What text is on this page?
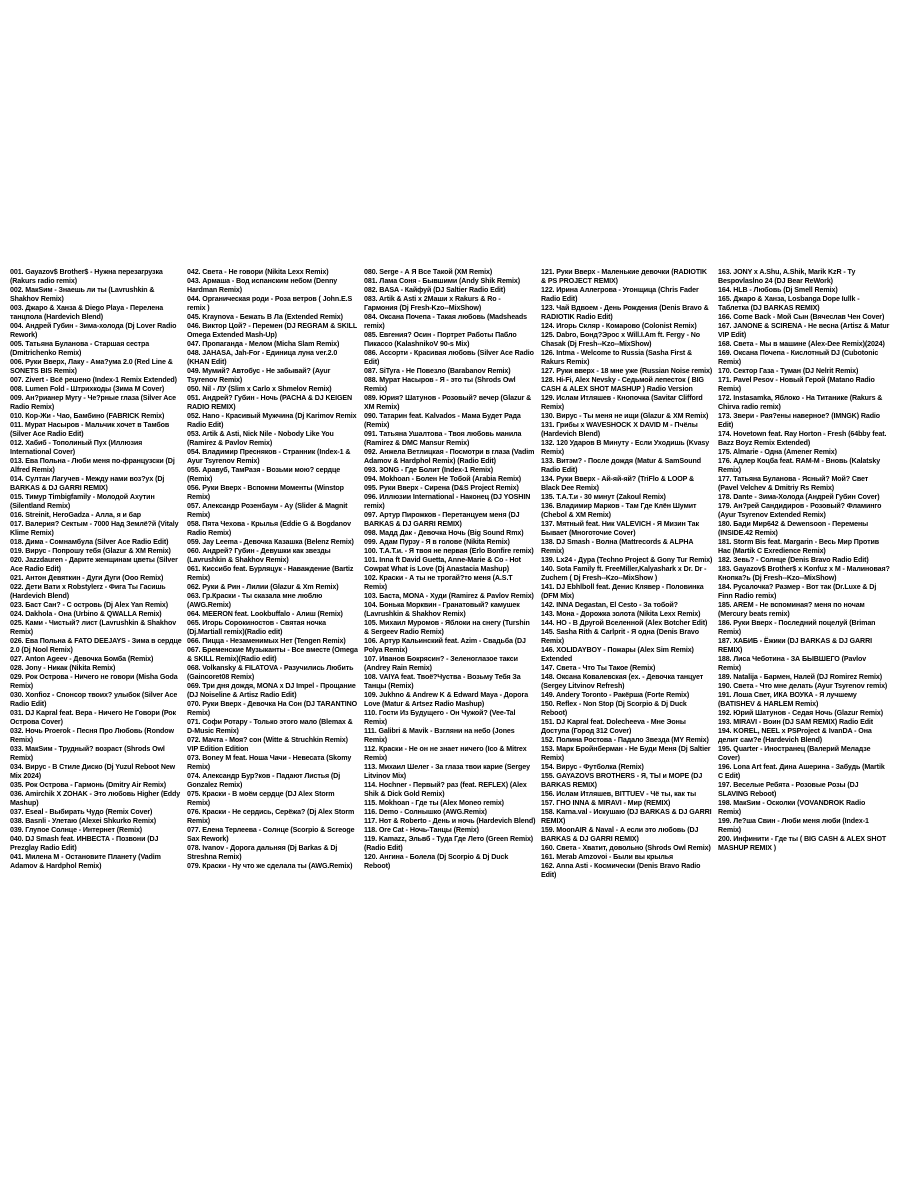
001. Gayazov$ Brother$ - Нужна перезагрузка (Rakurs radio remix)

002. МакSим - Знаешь ли ты (Lavrushkin & Shakhov Remix)

003. Джаро & Ханза & Diego Playa - Перелена танцпола (Hardevich Blend)

004. Андрей Губин - Зима-холода (Dj Lover Radio Rework)

005. Татьяна Буланова - Старшая сестра (Dmitrichenko Remix)

006. Руки Вверх, Лаку - Ама?ума 2.0 (Red Line & SONETS BIS Remix)

007. Zivert - Всё решено (Index-1 Remix Extended)

008. Lumen Fold - Штрихкоды (Зима M Cover)

009. Ан?рианер Мугу - Че?рные глаза (Silver Ace Radio Remix)

010. Кор-Жи - Чао, Бамбино (FABRICK Remix)

011. Мурат Насыров - Мальчик хочет в Тамбов (Silver Ace Radio Edit)

012. Хабиб - Тополиный Пух (Иллюзия International Cover)

013. Ева Польна - Люби меня по-французски (Dj Alfred Remix)

014. Султан Лагучев - Между нами воз?ух (Dj BARKAS & DJ GARRI REMIX)

015. Тимур Timbigfamily - Молодой Ахутин (Silentland Remix)

016. Streinit, HeroGadza - Алла, я и бар

017. Валерия? Сектым - 7000 Над Землё?й (Vitaly Klime Remix)

018. Дима - Сомнамбула (Silver Ace Radio Edit)

019. Вирус - Попрошу тебя (Glazur & XM Remix)

020. Jazzdauren - Дарите женщинам цветы (Silver Ace Radio Edit)

021. Антон Девяткин - Дуги Дуги (Ooo Remix)

022. Дети Вати x Robstylerz - Фига Ты Гасишь (Hardevich Blend)

023. Баст Сан? - С островь (Dj Alex Yan Remix)

024. Dakhola - Она (Urbino & QWALLA Remix)

025. Ками - Чистый? лист (Lavrushkin & Shakhov Remix)

026. Ева Польна & FATO DEEJAYS - Зима в сердце 2.0 (Dj Nool Remix)

027. Anton Ageev - Девочка Бомба (Remix)

028. Jony - Никак (Nikita Remix)

029. Рок Острова - Ничего не говори (Misha Goda Remix)

030. Xonfioz - Спонсор твоих? улыбок (Silver Ace Radio Edit)

031. DJ Kapral feat. Вера - Ничего Не Говори (Рок Острова Cover)

032. Ночь Proerok - Песня Про Любовь (Rondow Remix)

033. МакSим - Трудный? возраст (Shrods Owl Remix)

034. Вирус - В Стиле Диско (Dj Yuzul Reboot New Mix 2024)

035. Рок Острова - Гармонь (Dmitry Air Remix)

036. Amirchik X ZOHAK - Это любовь Higher (Eddy Mashup)

037. Eseal - Выбирать Чудо (Remix Cover)

038. Basnli - Улетаю (Alexei Shkurko Remix)

039. Глупое Солнце - Интернет (Remix)

040. DJ Smash feat. ИНВЕСТА - Позвони (DJ Prezglay Radio Edit)

041. Милена M - Остановите Планету (Vadim Adamov & Hardphol Remix)

042. Света - Не говори (Nikita Lexx Remix)

043. Армаша - Вод испанским небом (Denny Hardman Remix)

044. Органическая роди - Роза ветров ( John.E.S remix )

045. Kraynova - Бежать В Ла (Extended Remix)

046. Виктор Цой? - Перемен (DJ REGRAM & SKILL Omega Extended Mash-Up)

047. Пропаганда - Мелом (Micha Slam Remix)

048. JAHASA, Jah-For - Единица луна ver.2.0 (KHAN Edit)

049. Мумий? Автобус - Не забывай? (Ayur Tsyrenov Remix)

050. Nil - ЛУ (Slim x Carlo x Shmelov Remix)

051. Андрей? Губин - Ночь (PACHA & DJ KEIGEN RADIO REMIX)

052. Hano - Красивый Мужчина (Dj Karimov Remix Radio Edit)

053. Artik & Asti, Nick Nile - Nobody Like You (Ramirez & Pavlov Remix)

054. Владимир Пресняков - Странник (Index-1 & Ayur Tsyrenov Remix)

055. Аравуб, ТамРазя - Возьми мою? сердце (Remix)

056. Руки Вверх - Вспомни Моменты (Winstop Remix)

057. Александр Розенбаум - Ау (Slider & Magnit Remix)

058. Пята Чехова - Крылья (Eddie G & Bogdanov Radio Remix)

059. Jay Leema - Девочка Казашка (Belenz Remix)

060. Андрей? Губин - Девушки как звезды (Lavrushkin & Shakhov Remix)

061. Киссибо feat. Бурляцук - Наваждение (Bartiz Remix)

062. Руки & Рин - Лилии (Glazur & Xm Remix)

063. Гр.Краски - Ты сказала мне люблю (AWG.Remix)

064. MEERON feat. Lookbuffalo - Алиш (Remix)

065. Игорь Сорокиностов - Святая ночка (Dj.Martiall remix)(Radio edit)

066. Пицца - Незаменимых Нет (Tengen Remix)

067. Бременские Музыканты - Все вместе (Omega & SKILL Remix)(Radio edit)

068. Volkansky & FILATOVA - Разучились Любить (Gaincoret08 Remix)

069. Три дня дождя, MONA x DJ Impel - Прощание (DJ Noiseline & Artisz Radio Edit)

070. Руки Вверх - Девочка На Сон (DJ TARANTINO Remix)

071. Софи Ротару - Только этого мало (Blemax & D-Music Remix)

072. Мачта - Моя? сон (Witte & Struchkin Remix) VIP Edition Edition

073. Boney M feat. Ноша Чачи - Невесата (Skomy Remix)

074. Александр Бур?ков - Падают Листья (Dj Gonzalez Remix)

075. Краски - В моём сердце (DJ Alex Storm Remix)

076. Краски - Не сердись, Серёжа? (Dj Alex Storm Remix)

077. Елена Терлеева - Солнце (Scorpio & Screoge Sax Rework)

078. Ivanov - Дорога дальняя (Dj Barkas & Dj Streshna Remix)

079. Краски - Ну что же сделала ты (AWG.Remix)

080. Serge - А Я Все Такой (XM Remix)

081. Лама Соня - Бывшими (Andy Shik Remix)

082. BASA - Кайфуй (DJ Saltier Radio Edit)

083. Artik & Asti x 2Маши x Rakurs & Ro - Гармония (Dj Fresh-Kzo--MixShow)

084. Оксана Почепа - Такая любовь (Madsheads remix)

085. Евгения? Осин - Портрет Работы Пабло Пикассо (KalashnikoV 90-s Mix)

086. Ассорти - Красивая любовь (Silver Ace Radio Edit)

087. SiTyra - Не Повезло (Barabanov Remix)

088. Мурат Насыров - Я - это ты (Shrods Owl Remix)

089. Юрия? Шатунов - Розовый? вечер (Glazur & XM Remix)

090. Татарин feat. Kalvados - Мама Будет Рада (Remix)

091. Татьяна Ушалтова - Твоя любовь манила (Ramirez & DMC Mansur Remix)

092. Анжела Ветлицкая - Посмотри в глаза (Vadim Adamov & Hardphol Remix) (Radio Edit)

093. 3ONG - Где Болит (Index-1 Remix)

094. Mokhoan - Болен Не Тобой (Arabia Remix)

095. Руки Вверх - Сирена (D&S Project Remix)

096. Иллюзии International - Наконец (DJ YOSHIN remix)

097. Артур Пирожков - Перетанцуем меня (DJ BARKAS & DJ GARRI REMIX)

098. Мадд Дак - Девочка Ночь (Big Sound Rmx)

099. Адам Пурзу - Я в голове (Nikita Remix)

100. Т.А.Т.и. - Я твоя не первая (Erlo Bonfire remix)

101. Inna ft David Guetta, Anne-Marie & Co - Hot Cowpat What is Love (Dj Anastacia Mashup)

102. Краски - А ты не трогай?то меня (A.S.T Remix)

103. Баста, MONA - Худи (Ramirez & Pavlov Remix)

104. Бонька Морквин - Гранатовый? камушек (Lavrushkin & Shakhov Remix)

105. Михаил Муромов - Яблоки на снегу (Turshin & Sergeev Radio Remix)

106. Артур Кальинский feat. Azim - Свадьба (DJ Polya Remix)

107. Иванов Бокрясин? - Зеленоглазое такси (Andrey Rain Remix)

108. VAIYA feat. Твоё?Чуства - Возьму Тебя За Танцы (Remix)

109. Jukhno & Andrew K & Edward Maya - Дорога Love (Matur & Artsez Radio Mashup)

110. Гости Из Будущего - Он Чужой? (Vee-Tal Remix)

111. Galibri & Mavik - Взгляни на небо (Jones Remix)

112. Краски - Не он не знает ничего (Ico & Mitrex Remix)

113. Михаил Шелег - За глаза твои карие (Sergey Litvinov Mix)

114. Hochner - Первый? раз (feat. REFLEX) (Alex Shik & Dick Gold Remix)

115. Mokhoan - Где ты (Alex Moneo remix)

116. Demo - Солнышко (AWG.Remix)

117. Нот & Roberto - День и ночь (Hardevich Blend)

118. Ore Cat - Ночь-Танцы (Remix)

119. Kamazz, Эльвб - Туда Где Лето (Green Remix)(Radio Edit)

120. Ангина - Болела (Dj Scorpio & Dj Duck Reboot)

121. Руки Вверх - Маленькие девочки (RADIOTIK & PS PROJECT REMIX)

122. Ирина Аллегрова - Угонщица (Chris Fader Radio Edit)

123. Чай Вдвоем - День Рождения (Denis Bravo & RADIOTIK Radio Edit)

124. Игорь Скляр - Комарово (Colonist Remix)

125. Dabro, Бонд?Эрос x Will.I.Am ft. Fergy - No Chasak (Dj Fresh--Kzo--MixShow)

126. Intma - Welcome to Russia (Sasha First & Rakurs Remix)

127. Руки вверх - 18 мне уже (Russian Noise remix)

128. Hi-Fi, Alex Nevsky - Седьмой лепесток ( BIG CASH & ALEX SHOT MASHUP ) Radio Version

129. Ислам Итляшев - Кнопочка (Savitar Clifford Remix)

130. Вирус - Ты меня не ищи (Glazur & XM Remix)

131. Грибы x WAVESHOCK X DAVID M - Пчёлы (Hardevich Blend)

132. 120 Ударов В Минуту - Если Уходишь (Kvasy Remix)

133. Витэм? - После дождя (Matur & SamSound Radio Edit)

134. Руки Вверх - Ай-яй-яй? (TriFlo & LOOP & Black Dee Remix)

135. Т.А.Т.и - 30 минут (Zakoul Remix)

136. Владимир Марков - Там Где Клён Шумит (Chebol & XM Remix)

137. Мятный feat. Ник VALEVICH - Я Мизин Так Бывает (Многоточие Cover)

138. DJ Smash - Волна (Mattrecords & ALPHA Remix)

139. Lx24 - Дура (Techno Project & Gony Tur Remix)

140. Sota Family ft. FreeMiller,Kalyashark x Dr. Dr - Zuchem ( Dj Fresh--Kzo--MixShow )

141. DJ Ebhlboll feat. Денис Клявер - Половинка (DFM Mix)

142. INNA Degastan, El Cesto - За тобой?

143. Мона - Дорожка золота (Nikita Lexx Remix)

144. НО - В Другой Вселенной (Alex Botcher Edit)

145. Sasha Rith & Carlprit - Я одна (Denis Bravo Remix)

146. XOLIDAYBOY - Пожары (Alex Sim Remix) Extended

147. Света - Что Ты Такое (Remix)

148. Оксана Ковалевская (ex. - Девочка танцует (Sergey Litvinov Refresh)

149. Andery Toronto - Ракёрша (Forte Remix)

150. Reflex - Non Stop (Dj Scorpio & Dj Duck Reboot)

151. DJ Kapral feat. Dolecheeva - Мне Эоны Доступа (Город 312 Cover)

152. Полина Ростова - Падало Звезда (MY Remix)

153. Марк Бройнберман - Не Буди Меня (Dj Saltier Remix)

154. Вирус - Футболка (Remix)

155. GAYAZOVS BROTHERS - Я, ТЫ и МОРЕ (DJ BARKAS REMIX)

156. Ислам Итляшев, BITTUEV - Чё ты, как ты

157. ГНО INNA & MIRAVI - Мир (REMIX)

158. Karna.val - Искушаю (DJ BARKAS & DJ GARRI REMIX)

159. MoonAIR & Naval - А если это любовь (DJ BARKAS & DJ GARRI REMIX)

160. Света - Хватит, довольно (Shrods Owl Remix)

161. Merab Amzovoi - Были вы крылья

162. Anna Asti - Космически (Denis Bravo Radio Edit)

163. JONY x A.Shu, A.Shik, Marik KzR - Ту Bespovlaslno 24 (DJ Bear ReWork)

164. HLB - Любовь (Dj Smell Remix)

165. Джаро & Ханза, Losbanga Dope Iullk - Таблетка (DJ BARKAS REMIX)

166. Come Back - Мой Сын (Вячеслав Чен Cover)

167. JANONE & SCIRENA - Не весна (Artisz & Matur VIP Edit)

168. Света - Мы в машине (Alex-Dee Remix)(2024)

169. Оксана Почепа - Кислотный DJ (Cubotonic Remix)

170. Сектор Газа - Туман (DJ Nelrit Remix)

171. Pavel Pesov - Новый Герой (Matano Radio Remix)

172. Instasamka, Яблоко - На Титанике (Rakurs & Chirva radio remix)

173. Звери - Рая?ены наверное? (IMNGK) Radio Edit)

174. Hovetown feat. Ray Horton - Fresh (64bby feat. Bazz Boyz Remix Extended)

175. Almarie - Одна (Amener Remix)

176. Адлер Коцба feat. RAM-M - Вновь (Kalatsky Remix)

177. Татьяна Буланова - Ясный? Мой? Свет (Pavel Velchev & Dmitriy Rs Remix)

178. Dante - Зима-Холода (Андрей Губин Cover)

179. Ан?рей Сандидиров - Розовый? Фламинго (Ayur Tsyrenov Extended Remix)

180. Бади Мир642 & Dewensoon - Перемены (INSIDE.42 Remix)

181. Storm Bis feat. Margarin - Весь Мир Против Нас (Martik C Exredience Remix)

182. Зевь? - Солнце (Denis Bravo Radio Edit)

183. Gayazov$ Brother$ x Konfuz x М - Малиновая? Кнопка?ь (Dj Fresh--Kzo--MixShow)

184. Русалочка? Размер - Вот так (Dr.Luxe & Dj Finn Radio remix)

185. AREM - Не вспоминая? меня по ночам (Mercury beats remix)

186. Руки Вверх - Последний поцелуй (Briman Remix)

187. ХАБИБ - Ёжики (DJ BARKAS & DJ GARRI REMIX)

188. Лиса Чеботина - ЗА БЫВШЕГО (Pavlov Remix)

189. Natalija - Бармен, Налей (DJ Romirez Remix)

190. Света - Что мне делать (Ayur Tsyrenov remix)

191. Лоша Свет, ИКА ВОУКА - Я лучшему (BATISHEV & HARLEM Remix)

192. Юрий Шатунов - Седая Ночь (Glazur Remix)

193. MIRAVI - Воин (DJ SAM REMIX) Radio Edit

194. KOREL, NEEL x PSProject & IvanDA - Она делит сам?е (Hardevich Blend)

195. Quarter - Иностранец (Валерий Меладзе Cover)

196. Lona Art feat. Дина Ашерина - Забудь (Martik C Edit)

197. Веселые Ребята - Розовые Розы (DJ SLAVING Reboot)

198. МакSим - Осколки (VOVANDROK Radio Remix)

199. Ле?ша Свин - Люби меня люби (Index-1 Remix)

200. Инфинити - Где ты ( BIG CASH & ALEX SHOT MASHUP REMIX )
